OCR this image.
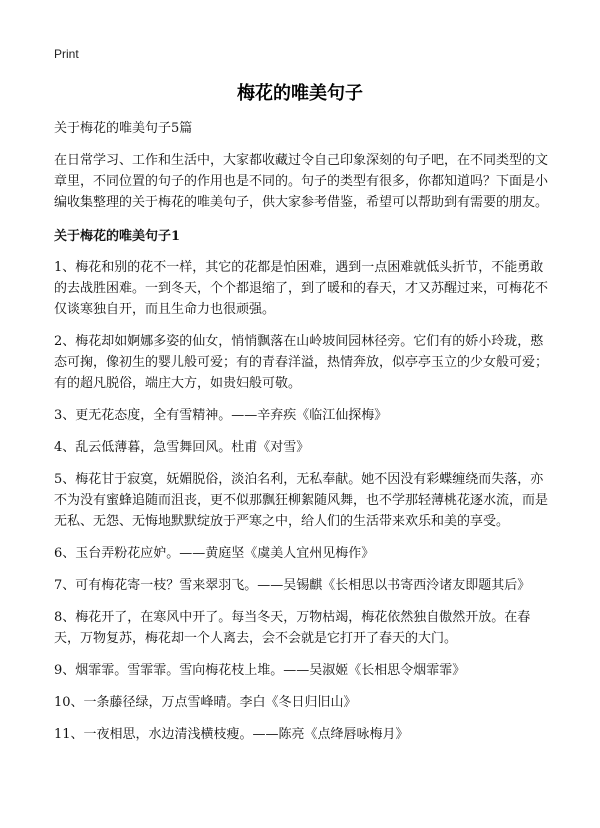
Print
梅花的唯美句子

关于梅花的唯美句子5篇

在日常学习、工作和生活中，大家都收藏过令自己印象深刻的句子吧，在不同类型的文章里，不同位置的句子的作用也是不同的。句子的类型有很多，你都知道吗？下面是小编收集整理的关于梅花的唯美句子，供大家参考借鉴，希望可以帮助到有需要的朋友。

关于梅花的唯美句子1

1、梅花和别的花不一样，其它的花都是怕困难，遇到一点困难就低头折节，不能勇敢的去战胜困难。一到冬天，个个都退缩了，到了暖和的春天，才又苏醒过来，可梅花不仅谈寒独自开，而且生命力也很顽强。

2、梅花却如婀娜多姿的仙女，悄悄飘落在山岭坡间园林径旁。它们有的娇小玲珑，憨态可掬，像初生的婴儿般可爱；有的青春洋溢，热情奔放，似亭亭玉立的少女般可爱；有的超凡脱俗，端庄大方，如贵妇般可敬。

3、更无花态度，全有雪精神。——辛弃疾《临江仙探梅》

4、乱云低薄暮，急雪舞回风。杜甫《对雪》

5、梅花甘于寂寞，妩媚脱俗，淡泊名利，无私奉献。她不因没有彩蝶缠绕而失落，亦不为没有蜜蜂追随而沮丧，更不似那飘狂柳絮随风舞，也不学那轻薄桃花逐水流，而是无私、无怨、无悔地默默绽放于严寒之中，给人们的生活带来欢乐和美的享受。

6、玉台弄粉花应妒。——黄庭坚《虞美人宜州见梅作》

7、可有梅花寄一枝？雪来翠羽飞。——吴锡麒《长相思以书寄西泠诸友即题其后》

8、梅花开了，在寒风中开了。每当冬天，万物枯竭，梅花依然独自傲然开放。在春天，万物复苏，梅花却一个人离去，会不会就是它打开了春天的大门。

9、烟霏霏。雪霏霏。雪向梅花枝上堆。——吴淑姬《长相思令烟霏霏》

10、一条藤径绿，万点雪峰晴。李白《冬日归旧山》

11、一夜相思，水边清浅横枝瘦。——陈亮《点绛唇咏梅月》
